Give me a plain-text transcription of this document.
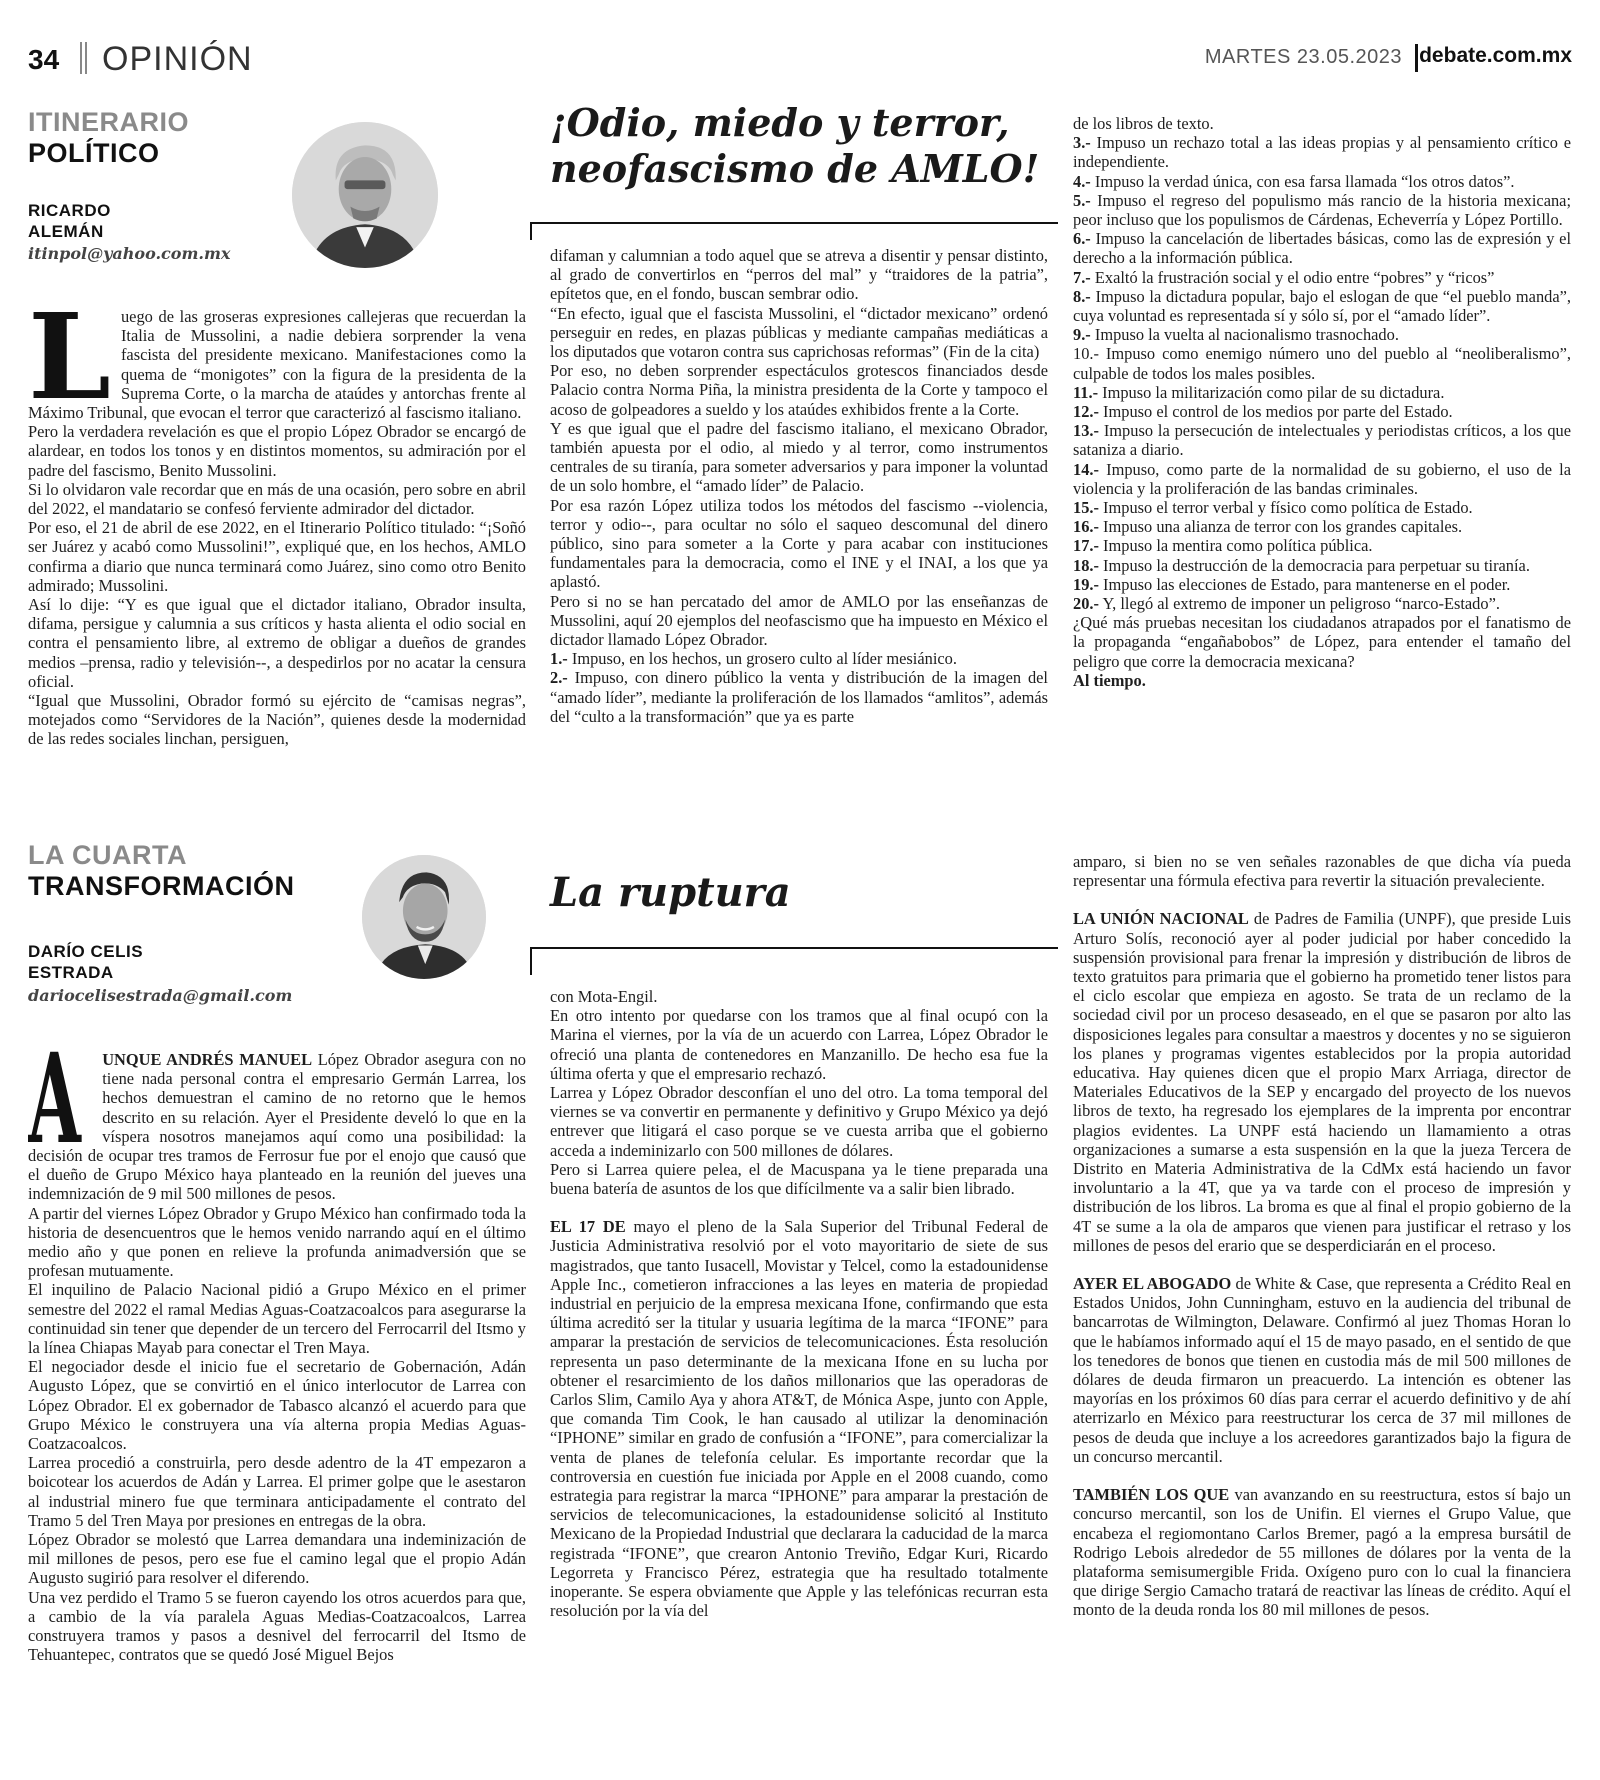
34 OPINIÓN	MARTES 23.05.2023 debate.com.mx
ITINERARIO
POLÍTICO
RICARDO
ALEMÁN
itinpol@yahoo.com.mx
¡Odio, miedo y terror,
neofascismo de AMLO!
L uego de las groseras expresiones callejeras que recuerdan la Italia de Mussolini, a nadie debiera sorprender la vena fascista del presidente mexicano. Manifestaciones como la quema de “monigotes” con la figura de la presidenta de la Suprema Corte, o la marcha de ataúdes y antorchas frente al Máximo Tribunal, que evocan el terror que caracterizó al fascismo italiano.

Pero la verdadera revelación es que el propio López Obrador se encargó de alardear, en todos los tonos y en distintos momentos, su admiración por el padre del fascismo, Benito Mussolini.

Si lo olvidaron vale recordar que en más de una ocasión, pero sobre en abril del 2022, el mandatario se confesó ferviente admirador del dictador.

Por eso, el 21 de abril de ese 2022, en el Itinerario Político titulado: “¡Soñó ser Juárez y acabó como Mussolini!”, expliqué que, en los hechos, AMLO confirma a diario que nunca terminará como Juárez, sino como otro Benito admirado; Mussolini.

Así lo dije: “Y es que igual que el dictador italiano, Obrador insulta, difama, persigue y calumnia a sus críticos y hasta alienta el odio social en contra el pensamiento libre, al extremo de obligar a dueños de grandes medios –prensa, radio y televisión--, a despedirlos por no acatar la censura oficial.

“Igual que Mussolini, Obrador formó su ejército de “camisas negras”, motejados como “Servidores de la Nación”, quienes desde la modernidad de las redes sociales linchan, persiguen,

difaman y calumnian a todo aquel que se atreva a disentir y pensar distinto, al grado de convertirlos en “perros del mal” y “traidores de la patria”, epítetos que, en el fondo, buscan sembrar odio.

“En efecto, igual que el fascista Mussolini, el “dictador mexicano” ordenó perseguir en redes, en plazas públicas y mediante campañas mediáticas a los diputados que votaron contra sus caprichosas reformas” (Fin de la cita)

Por eso, no deben sorprender espectáculos grotescos financiados desde Palacio contra Norma Piña, la ministra presidenta de la Corte y tampoco el acoso de golpeadores a sueldo y los ataúdes exhibidos frente a la Corte.

Y es que igual que el padre del fascismo italiano, el mexicano Obrador, también apuesta por el odio, al miedo y al terror, como instrumentos centrales de su tiranía, para someter adversarios y para imponer la voluntad de un solo hombre, el “amado líder” de Palacio.

Por esa razón López utiliza todos los métodos del fascismo --violencia, terror y odio--, para ocultar no sólo el saqueo descomunal del dinero público, sino para someter a la Corte y para acabar con instituciones fundamentales para la democracia, como el INE y el INAI, a los que ya aplastó.

Pero si no se han percatado del amor de AMLO por las enseñanzas de Mussolini, aquí 20 ejemplos del neofascismo que ha impuesto en México el dictador llamado López Obrador.

1.- Impuso, en los hechos, un grosero culto al líder mesiánico.

2.- Impuso, con dinero público la venta y distribución de la imagen del “amado líder”, mediante la proliferación de los llamados “amlitos”, además del “culto a la transformación” que ya es parte

de los libros de texto.

3.- Impuso un rechazo total a las ideas propias y al pensamiento crítico e independiente.

4.- Impuso la verdad única, con esa farsa llamada “los otros datos”.

5.- Impuso el regreso del populismo más rancio de la historia mexicana; peor incluso que los populismos de Cárdenas, Echeverría y López Portillo.

6.- Impuso la cancelación de libertades básicas, como las de expresión y el derecho a la información pública.

7.- Exaltó la frustración social y el odio entre “pobres” y “ricos”

8.- Impuso la dictadura popular, bajo el eslogan de que “el pueblo manda”, cuya voluntad es representada sí y sólo sí, por el “amado líder”.

9.- Impuso la vuelta al nacionalismo trasnochado.

10.- Impuso como enemigo número uno del pueblo al “neoliberalismo”, culpable de todos los males posibles.

11.- Impuso la militarización como pilar de su dictadura.

12.- Impuso el control de los medios por parte del Estado.

13.- Impuso la persecución de intelectuales y periodistas críticos, a los que sataniza a diario.

14.- Impuso, como parte de la normalidad de su gobierno, el uso de la violencia y la proliferación de las bandas criminales.

15.- Impuso el terror verbal y físico como política de Estado.

16.- Impuso una alianza de terror con los grandes capitales.

17.- Impuso la mentira como política pública.

18.- Impuso la destrucción de la democracia para perpetuar su tiranía.

19.- Impuso las elecciones de Estado, para mantenerse en el poder.

20.- Y, llegó al extremo de imponer un peligroso “narco-Estado”.

¿Qué más pruebas necesitan los ciudadanos atrapados por el fanatismo de la propaganda “engañabobos” de López, para entender el tamaño del peligro que corre la democracia mexicana?

Al tiempo.

LA CUARTA
TRANSFORMACIÓN
DARÍO CELIS
ESTRADA
dariocelisestrada@gmail.com
La ruptura
A	UNQUE ANDRÉS MANUEL López Obrador asegura con no tiene nada personal contra el empresario Germán Larrea, los hechos demuestran el camino de no retorno que le hemos descrito en su relación. Ayer el Presidente develó lo que en la víspera nosotros manejamos aquí como una posibilidad: la decisión de ocupar tres tramos de Ferrosur fue por el enojo que causó que el dueño de Grupo México haya planteado en la reunión del jueves una indemnización de 9 mil 500 millones de pesos.

A partir del viernes López Obrador y Grupo México han confirmado toda la historia de desencuentros que le hemos venido narrando aquí en el último medio año y que ponen en relieve la profunda animadversión que se profesan mutuamente.

El inquilino de Palacio Nacional pidió a Grupo México en el primer semestre del 2022 el ramal Medias Aguas-Coatzacoalcos para asegurarse la continuidad sin tener que depender de un tercero del Ferrocarril del Itsmo y la línea Chiapas Mayab para conectar el Tren Maya.

El negociador desde el inicio fue el secretario de Gobernación, Adán Augusto López, que se convirtió en el único interlocutor de Larrea con López Obrador. El ex gobernador de Tabasco alcanzó el acuerdo para que Grupo México le construyera una vía alterna propia Medias Aguas-Coatzacoalcos.

Larrea procedió a construirla, pero desde adentro de la 4T empezaron a boicotear los acuerdos de Adán y Larrea. El primer golpe que le asestaron al industrial minero fue que terminara anticipadamente el contrato del Tramo 5 del Tren Maya por presiones en entregas de la obra.

López Obrador se molestó que Larrea demandara una indeminización de mil millones de pesos, pero ese fue el camino legal que el propio Adán Augusto sugirió para resolver el diferendo.

Una vez perdido el Tramo 5 se fueron cayendo los otros acuerdos para que, a cambio de la vía paralela Aguas Medias-Coatzacoalcos, Larrea construyera tramos y pasos a desnivel del ferrocarril del Itsmo de Tehuantepec, contratos que se quedó José Miguel Bejos

con Mota-Engil.

En otro intento por quedarse con los tramos que al final ocupó con la Marina el viernes, por la vía de un acuerdo con Larrea, López Obrador le ofreció una planta de contenedores en Manzanillo. De hecho esa fue la última oferta y que el empresario rechazó.

Larrea y López Obrador desconfían el uno del otro. La toma temporal del viernes se va convertir en permanente y definitivo y Grupo México ya dejó entrever que litigará el caso porque se ve cuesta arriba que el gobierno acceda a indeminizarlo con 500 millones de dólares.

Pero si Larrea quiere pelea, el de Macuspana ya le tiene preparada una buena batería de asuntos de los que difícilmente va a salir bien librado.

EL 17 DE mayo el pleno de la Sala Superior del Tribunal Federal de Justicia Administrativa resolvió por el voto mayoritario de siete de sus magistrados, que tanto Iusacell, Movistar y Telcel, como la estadounidense Apple Inc., cometieron infracciones a las leyes en materia de propiedad industrial en perjuicio de la empresa mexicana Ifone, confirmando que esta última acreditó ser la titular y usuaria legítima de la marca “IFONE” para amparar la prestación de servicios de telecomunicaciones. Ésta resolución representa un paso determinante de la mexicana Ifone en su lucha por obtener el resarcimiento de los daños millonarios que las operadoras de Carlos Slim, Camilo Aya y ahora AT&T, de Mónica Aspe, junto con Apple, que comanda Tim Cook, le han causado al utilizar la denominación “IPHONE” similar en grado de confusión a “IFONE”, para comercializar la venta de planes de telefonía celular. Es importante recordar que la controversia en cuestión fue iniciada por Apple en el 2008 cuando, como estrategia para registrar la marca “IPHONE” para amparar la prestación de servicios de telecomunicaciones, la estadounidense solicitó al Instituto Mexicano de la Propiedad Industrial que declarara la caducidad de la marca registrada “IFONE”, que crearon Antonio Treviño, Edgar Kuri, Ricardo Legorreta y Francisco Pérez, estrategia que ha resultado totalmente inoperante. Se espera obviamente que Apple y las telefónicas recurran esta resolución por la vía del

amparo, si bien no se ven señales razonables de que dicha vía pueda representar una fórmula efectiva para revertir la situación prevaleciente.

LA UNIÓN NACIONAL de Padres de Familia (UNPF), que preside Luis Arturo Solís, reconoció ayer al poder judicial por haber concedido la suspensión provisional para frenar la impresión y distribución de libros de texto gratuitos para primaria que el gobierno ha prometido tener listos para el ciclo escolar que empieza en agosto. Se trata de un reclamo de la sociedad civil por un proceso desaseado, en el que se pasaron por alto las disposiciones legales para consultar a maestros y docentes y no se siguieron los planes y programas vigentes establecidos por la propia autoridad educativa. Hay quienes dicen que el propio Marx Arriaga, director de Materiales Educativos de la SEP y encargado del proyecto de los nuevos libros de texto, ha regresado los ejemplares de la imprenta por encontrar plagios evidentes. La UNPF está haciendo un llamamiento a otras organizaciones a sumarse a esta suspensión en la que la jueza Tercera de Distrito en Materia Administrativa de la CdMx está haciendo un favor involuntario a la 4T, que ya va tarde con el proceso de impresión y distribución de los libros. La broma es que al final el propio gobierno de la 4T se sume a la ola de amparos que vienen para justificar el retraso y los millones de pesos del erario que se desperdiciarán en el proceso.

AYER EL ABOGADO de White & Case, que representa a Crédito Real en Estados Unidos, John Cunningham, estuvo en la audiencia del tribunal de bancarrotas de Wilmington, Delaware. Confirmó al juez Thomas Horan lo que le habíamos informado aquí el 15 de mayo pasado, en el sentido de que los tenedores de bonos que tienen en custodia más de mil 500 millones de dólares de deuda firmaron un preacuerdo. La intención es obtener las mayorías en los próximos 60 días para cerrar el acuerdo definitivo y de ahí aterrizarlo en México para reestructurar los cerca de 37 mil millones de pesos de deuda que incluye a los acreedores garantizados bajo la figura de un concurso mercantil.

TAMBIÉN LOS QUE van avanzando en su reestructura, estos sí bajo un concurso mercantil, son los de Unifin. El viernes el Grupo Value, que encabeza el regiomontano Carlos Bremer, pagó a la empresa bursátil de Rodrigo Lebois alrededor de 55 millones de dólares por la venta de la plataforma semisumergible Frida. Oxígeno puro con lo cual la financiera que dirige Sergio Camacho tratará de reactivar las líneas de crédito. Aquí el monto de la deuda ronda los 80 mil millones de pesos.
